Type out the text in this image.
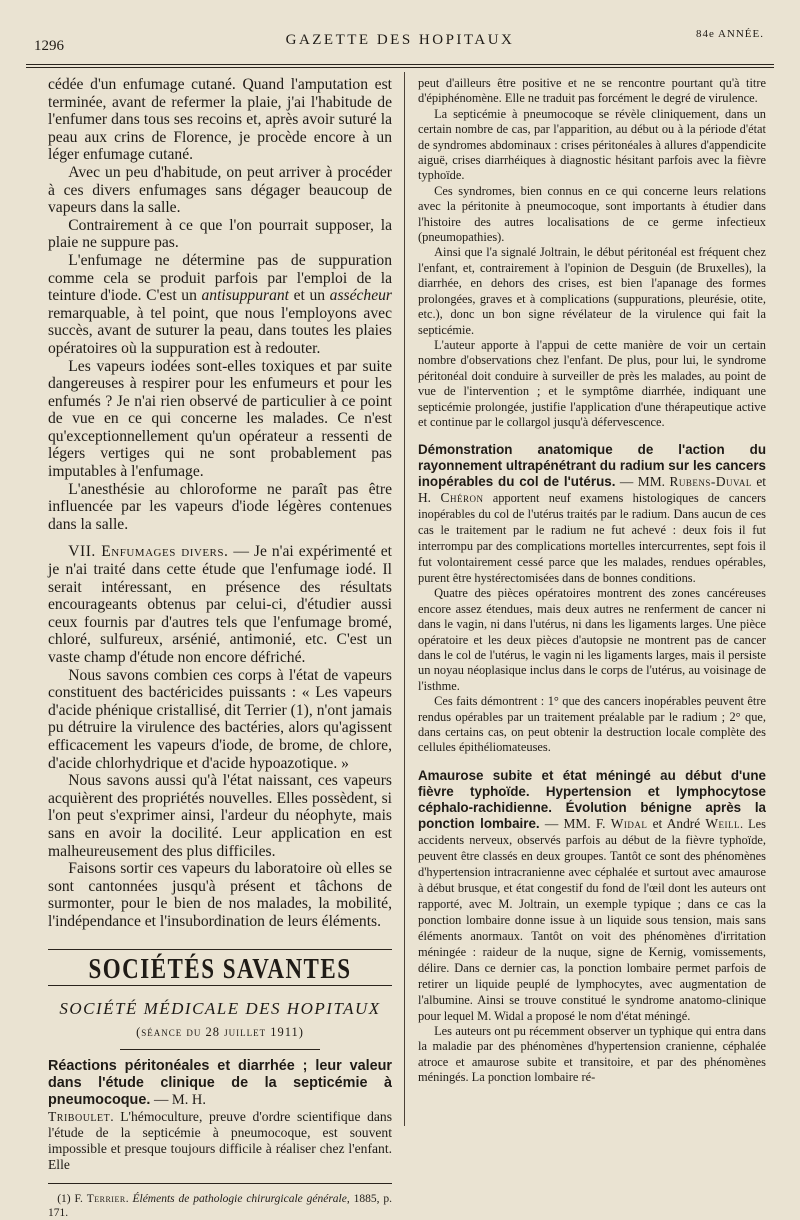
1296	GAZETTE DES HOPITAUX	84e ANNÉE.

cédée d'un enfumage cutané. Quand l'amputation est terminée, avant de refermer la plaie, j'ai l'habitude de l'enfumer dans tous ses recoins et, après avoir suturé la peau aux crins de Florence, je procède encore à un léger enfumage cutané.

Avec un peu d'habitude, on peut arriver à procéder à ces divers enfumages sans dégager beaucoup de vapeurs dans la salle.

Contrairement à ce que l'on pourrait supposer, la plaie ne suppure pas.

L'enfumage ne détermine pas de suppuration comme cela se produit parfois par l'emploi de la teinture d'iode. C'est un antisuppurant et un assécheur remarquable, à tel point, que nous l'employons avec succès, avant de suturer la peau, dans toutes les plaies opératoires où la suppuration est à redouter.

Les vapeurs iodées sont-elles toxiques et par suite dangereuses à respirer pour les enfumeurs et pour les enfumés ? Je n'ai rien observé de particulier à ce point de vue en ce qui concerne les malades. Ce n'est qu'exceptionnellement qu'un opérateur a ressenti de légers vertiges qui ne sont probablement pas imputables à l'enfumage.

L'anesthésie au chloroforme ne paraît pas être influencée par les vapeurs d'iode légères contenues dans la salle.

VII. Enfumages divers. — Je n'ai expérimenté et je n'ai traité dans cette étude que l'enfumage iodé. Il serait intéressant, en présence des résultats encourageants obtenus par celui-ci, d'étudier aussi ceux fournis par d'autres tels que l'enfumage bromé, chloré, sulfureux, arsénié, antimonié, etc. C'est un vaste champ d'étude non encore défriché.

Nous savons combien ces corps à l'état de vapeurs constituent des bactéricides puissants : « Les vapeurs d'acide phénique cristallisé, dit Terrier (1), n'ont jamais pu détruire la virulence des bactéries, alors qu'agissent efficacement les vapeurs d'iode, de brome, de chlore, d'acide chlorhydrique et d'acide hypoazotique. »

Nous savons aussi qu'à l'état naissant, ces vapeurs acquièrent des propriétés nouvelles. Elles possèdent, si l'on peut s'exprimer ainsi, l'ardeur du néophyte, mais sans en avoir la docilité. Leur application en est malheureusement des plus difficiles.

Faisons sortir ces vapeurs du laboratoire où elles se sont cantonnées jusqu'à présent et tâchons de surmonter, pour le bien de nos malades, la mobilité, l'indépendance et l'insubordination de leurs éléments.

SOCIÉTÉS SAVANTES
SOCIÉTÉ MÉDICALE DES HOPITAUX
(séance du 28 juillet 1911)

Réactions péritonéales et diarrhée ; leur valeur dans l'étude clinique de la septicémie à pneumocoque. — M. H.

Triboulet. L'hémoculture, preuve d'ordre scientifique dans l'étude de la septicémie à pneumocoque, est souvent impossible et presque toujours difficile à réaliser chez l'enfant. Elle

(1) F. Terrier. Éléments de pathologie chirurgicale générale, 1885, p. 171.

peut d'ailleurs être positive et ne se rencontre pourtant qu'à titre d'épiphénomène. Elle ne traduit pas forcément le degré de virulence.

La septicémie à pneumocoque se révèle cliniquement, dans un certain nombre de cas, par l'apparition, au début ou à la période d'état de syndromes abdominaux : crises péritonéales à allures d'appendicite aiguë, crises diarrhéiques à diagnostic hésitant parfois avec la fièvre typhoïde.

Ces syndromes, bien connus en ce qui concerne leurs relations avec la péritonite à pneumocoque, sont importants à étudier dans l'histoire des autres localisations de ce germe infectieux (pneumopathies).

Ainsi que l'a signalé Joltrain, le début péritonéal est fréquent chez l'enfant, et, contrairement à l'opinion de Desguin (de Bruxelles), la diarrhée, en dehors des crises, est bien l'apanage des formes prolongées, graves et à complications (suppurations, pleurésie, otite, etc.), donc un bon signe révélateur de la virulence qui fait la septicémie.

L'auteur apporte à l'appui de cette manière de voir un certain nombre d'observations chez l'enfant. De plus, pour lui, le syndrome péritonéal doit conduire à surveiller de près les malades, au point de vue de l'intervention ; et le symptôme diarrhée, indiquant une septicémie prolongée, justifie l'application d'une thérapeutique active et continue par le collargol jusqu'à défervescence.

Démonstration anatomique de l'action du rayonnement ultrapénétrant du radium sur les cancers inopérables du col de l'utérus. — MM. Rubens-Duval et H. Chéron apportent neuf examens histologiques de cancers inopérables du col de l'utérus traités par le radium. Dans aucun de ces cas le traitement par le radium ne fut achevé : deux fois il fut interrompu par des complications mortelles intercurrentes, sept fois il fut volontairement cessé parce que les malades, rendues opérables, purent être hystérectomisées dans de bonnes conditions.

Quatre des pièces opératoires montrent des zones cancéreuses encore assez étendues, mais deux autres ne renferment de cancer ni dans le vagin, ni dans l'utérus, ni dans les ligaments larges. Une pièce opératoire et les deux pièces d'autopsie ne montrent pas de cancer dans le col de l'utérus, le vagin ni les ligaments larges, mais il persiste un noyau néoplasique inclus dans le corps de l'utérus, au voisinage de l'isthme.

Ces faits démontrent : 1° que des cancers inopérables peuvent être rendus opérables par un traitement préalable par le radium ; 2° que, dans certains cas, on peut obtenir la destruction locale complète des cellules épithéliomateuses.

Amaurose subite et état méningé au début d'une fièvre typhoïde. Hypertension et lymphocytose céphalo-rachidienne. Évolution bénigne après la ponction lombaire. — MM. F. Widal et André Weill. Les accidents nerveux, observés parfois au début de la fièvre typhoïde, peuvent être classés en deux groupes. Tantôt ce sont des phénomènes d'hypertension intracranienne avec céphalée et surtout avec amaurose à début brusque, et état congestif du fond de l'œil dont les auteurs ont rapporté, avec M. Joltrain, un exemple typique ; dans ce cas la ponction lombaire donne issue à un liquide sous tension, mais sans éléments anormaux. Tantôt on voit des phénomènes d'irritation méningée : raideur de la nuque, signe de Kernig, vomissements, délire. Dans ce dernier cas, la ponction lombaire permet parfois de retirer un liquide peuplé de lymphocytes, avec augmentation de l'albumine. Ainsi se trouve constitué le syndrome anatomo-clinique pour lequel M. Widal a proposé le nom d'état méningé.

Les auteurs ont pu récemment observer un typhique qui entra dans la maladie par des phénomènes d'hypertension cranienne, céphalée atroce et amaurose subite et transitoire, et par des phénomènes méningés. La ponction lombaire ré-
